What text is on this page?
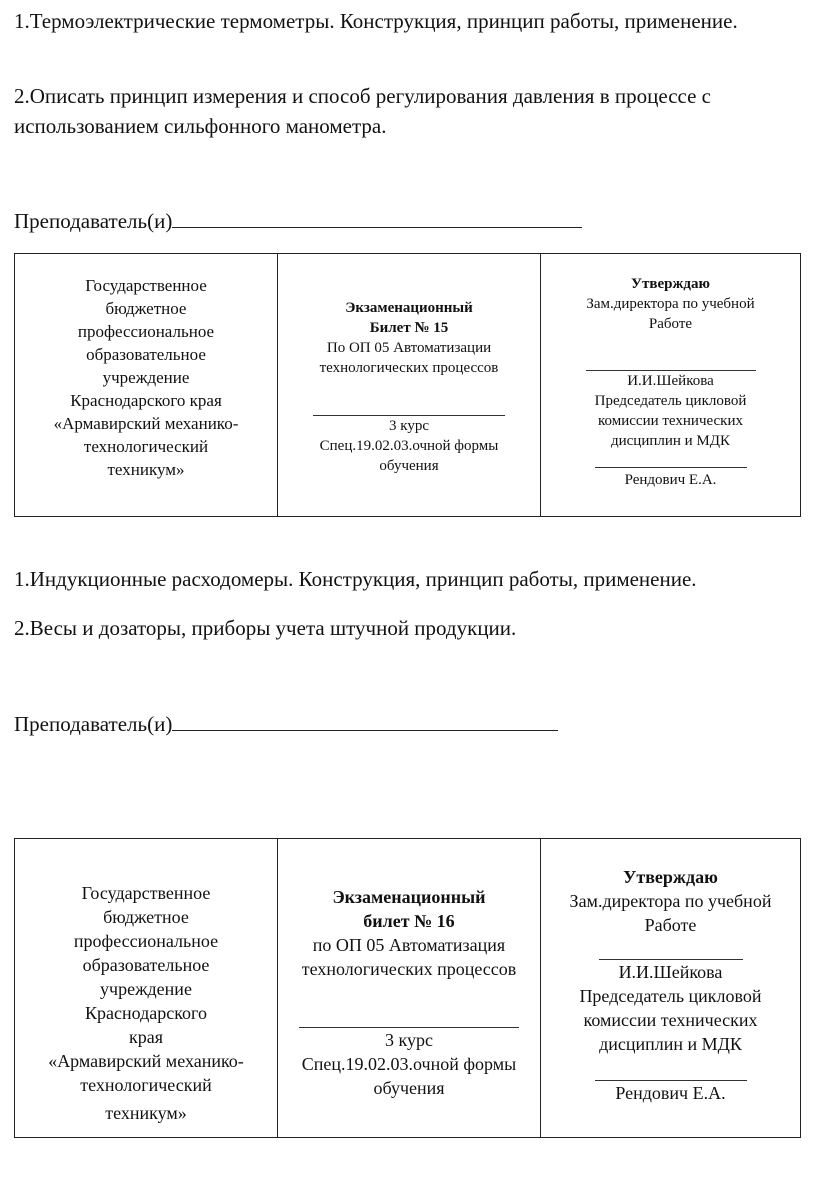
1.Термоэлектрические термометры. Конструкция, принцип работы, применение.
2.Описать принцип измерения и способ регулирования давления в процессе с использованием сильфонного манометра.
Преподаватель(и)
Государственное
бюджетное
профессиональное
образовательное
учреждение
Краснодарского края
«Армавирский механико-
технологический
техникум»
Экзаменационный
Билет № 15
По ОП 05 Автоматизации
технологических процессов
3 курс
Спец.19.02.03.очной формы
обучения
Утверждаю
Зам.директора по учебной
Работе
И.И.Шейкова
Председатель цикловой
комиссии технических
дисциплин и МДК
Рендович Е.А.
1.Индукционные расходомеры. Конструкция, принцип работы, применение.
2.Весы и дозаторы, приборы учета штучной продукции.
Преподаватель(и)
Государственное
бюджетное
профессиональное
образовательное
учреждение
Краснодарского
края
«Армавирский механико-
технологический
техникум»
Экзаменационный
билет № 16
по ОП 05 Автоматизация
технологических процессов
3 курс
Спец.19.02.03.очной формы
обучения
Утверждаю
Зам.директора по учебной
Работе
И.И.Шейкова
Председатель цикловой
комиссии технических
дисциплин и МДК
Рендович Е.А.
